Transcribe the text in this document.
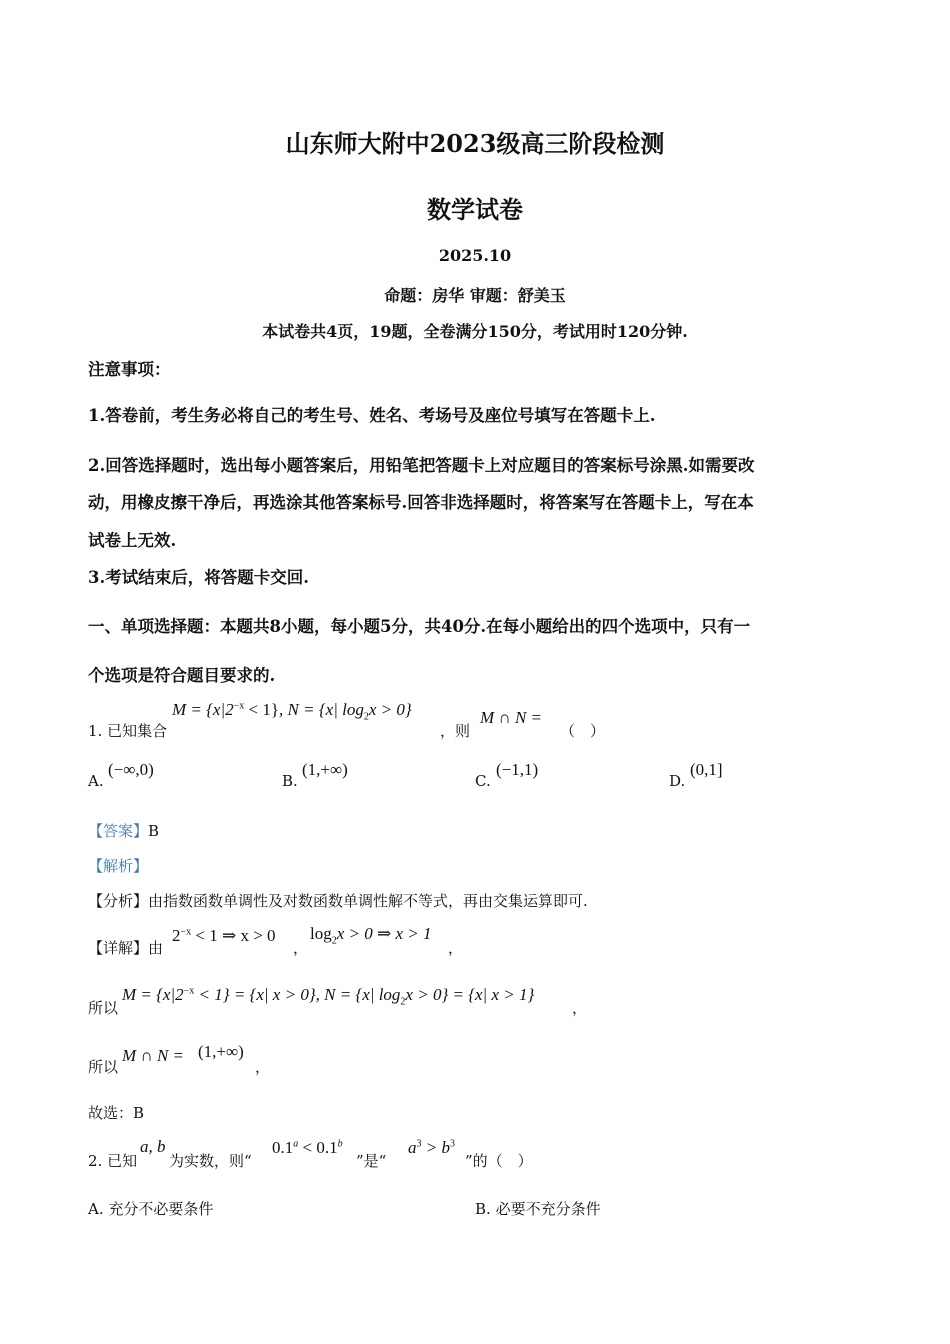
山东师大附中2023级高三阶段检测
数学试卷
2025.10
命题：房华 审题：舒美玉
本试卷共4页，19题，全卷满分150分，考试用时120分钟.
注意事项：
1.答卷前，考生务必将自己的考生号、姓名、考场号及座位号填写在答题卡上.
2.回答选择题时，选出每小题答案后，用铅笔把答题卡上对应题目的答案标号涂黑.如需要改
动，用橡皮擦干净后，再选涂其他答案标号.回答非选择题时，将答案写在答题卡上，写在本
试卷上无效.
3.考试结束后，将答题卡交回.
一、单项选择题：本题共8小题，每小题5分，共40分.在每小题给出的四个选项中，只有一
个选项是符合题目要求的.
1. 已知集合
$M = \{x|2^{-x} < 1\}$, N = {x| $\log_2x > 0$}
，则
M ∩ N =
（　）
A.
(−∞,0)
B.
(1,+∞)
C.
(−1,1)
D.
(0,1]
【答案】B
【解析】
【分析】由指数函数单调性及对数函数单调性解不等式，再由交集运算即可.
【详解】由
$2^{-x} < 1$ ⇒ x > 0
，
$\log_2x > 0$ ⇒ x > 1
，
所以
$M = \{x|2^{-x} < 1\} = \{x|$ x > 0}, N = {x| $\log_2x > 0\} = \{x|$ x > 1}
，
所以
M ∩ N = (1,+∞)
，
故选：B
2. 已知
a, b
为实数，则“
0.1$^a$ < 0.1$^b$
”是“
$a^3 > b^3$
”的（　）
A. 充分不必要条件	B. 必要不充分条件
